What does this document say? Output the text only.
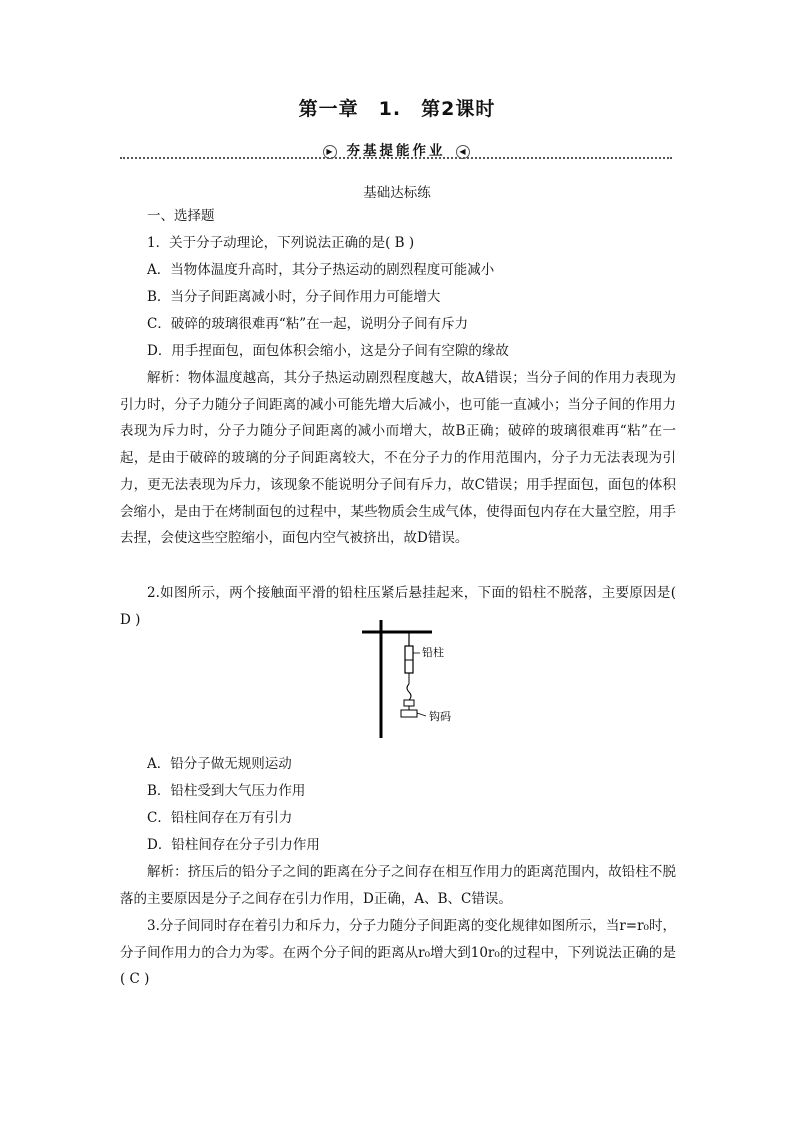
第一章　1.　第2课时
▶ 夯基提能作业 ◀
基础达标练
一、选择题
1．关于分子动理论，下列说法正确的是( B )
A．当物体温度升高时，其分子热运动的剧烈程度可能减小
B．当分子间距离减小时，分子间作用力可能增大
C．破碎的玻璃很难再“粘”在一起，说明分子间有斥力
D．用手捏面包，面包体积会缩小，这是分子间有空隙的缘故
解析：物体温度越高，其分子热运动剧烈程度越大，故A错误；当分子间的作用力表现为引力时，分子力随分子间距离的减小可能先增大后减小，也可能一直减小；当分子间的作用力表现为斥力时，分子力随分子间距离的减小而增大，故B正确；破碎的玻璃很难再“粘”在一起，是由于破碎的玻璃的分子间距离较大，不在分子力的作用范围内，分子力无法表现为引力，更无法表现为斥力，该现象不能说明分子间有斥力，故C错误；用手捏面包，面包的体积会缩小，是由于在烤制面包的过程中，某些物质会生成气体，使得面包内存在大量空腔，用手去捏，会使这些空腔缩小，面包内空气被挤出，故D错误。
2.如图所示，两个接触面平滑的铅柱压紧后悬挂起来，下面的铅柱不脱落，主要原因是( D )
铅柱
钩码
A．铅分子做无规则运动
B．铅柱受到大气压力作用
C．铅柱间存在万有引力
D．铅柱间存在分子引力作用
解析：挤压后的铅分子之间的距离在分子之间存在相互作用力的距离范围内，故铅柱不脱落的主要原因是分子之间存在引力作用，D正确，A、B、C错误。
3.分子间同时存在着引力和斥力，分子力随分子间距离的变化规律如图所示，当r=r₀时，分子间作用力的合力为零。在两个分子间的距离从r₀增大到10r₀的过程中，下列说法正确的是( C )
